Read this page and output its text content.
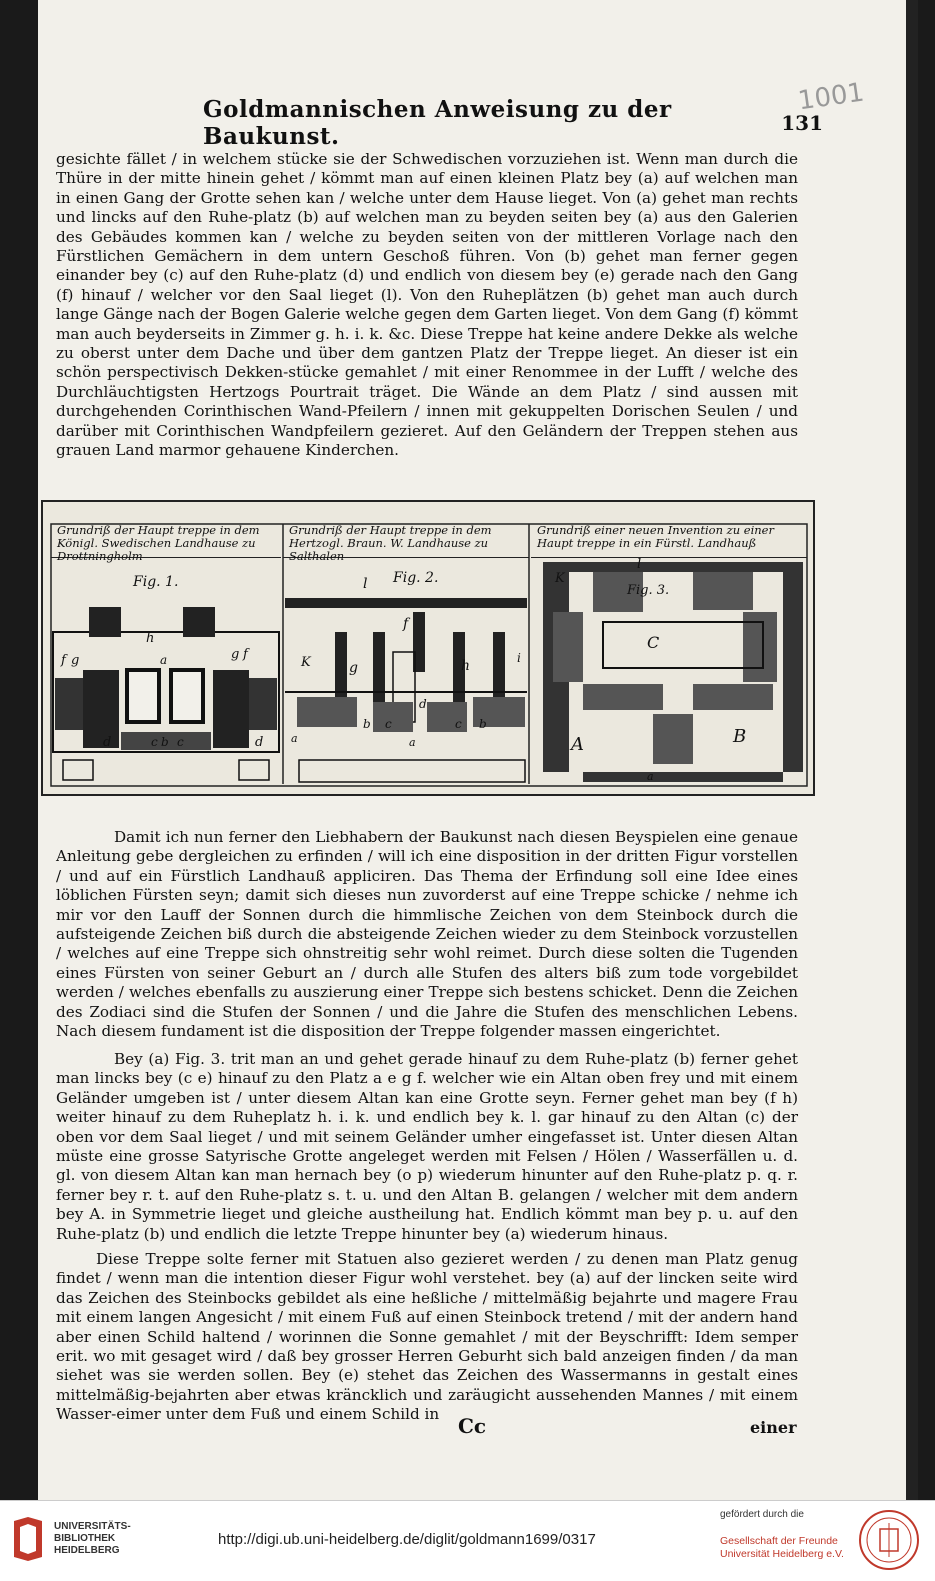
1001
Goldmannischen Anweisung zu der Baukunst.	131

gesichte fället / in welchem stücke sie der Schwedischen vorzuziehen ist. Wenn man durch die Thüre in der mitte hinein gehet / kömmt man auf einen kleinen Platz bey (a) auf welchen man in einen Gang der Grotte sehen kan / welche unter dem Hause lieget. Von (a) gehet man rechts und lincks auf den Ruhe-platz (b) auf welchen man zu beyden seiten bey (a) aus den Galerien des Gebäudes kommen kan / welche zu beyden seiten von der mittleren Vorlage nach den Fürstlichen Gemächern in dem untern Geschoß führen. Von (b) gehet man ferner gegen einander bey (c) auf den Ruhe-platz (d) und endlich von diesem bey (e) gerade nach den Gang (f) hinauf / welcher vor den Saal lieget (l). Von den Ruheplätzen (b) gehet man auch durch lange Gänge nach der Bogen Galerie welche gegen dem Garten lieget. Von dem Gang (f) kömmt man auch beyderseits in Zimmer g. h. i. k. &c. Diese Treppe hat keine andere Dekke als welche zu oberst unter dem Dache und über dem gantzen Platz der Treppe lieget. An dieser ist ein schön perspectivisch Dekken-stücke gemahlet / mit einer Renommee in der Lufft / welche des Durchläuchtigsten Hertzogs Pourtrait träget. Die Wände an dem Platz / sind aussen mit durchgehenden Corinthischen Wand-Pfeilern / innen mit gekuppelten Dorischen Seulen / und darüber mit Corinthischen Wandpfeilern gezieret. Auf den Geländern der Treppen stehen aus grauen Land marmor gehauene Kinderchen.

Grundriß der Haupt treppe in dem Königl. Swedischen Landhause zu Drottningholm
Grundriß der Haupt treppe in dem Hertzogl. Braun. W. Landhause zu Salthalen
Grundriß einer neuen Invention zu einer Haupt treppe in ein Fürstl. Landhauß
Fig. 1.
f g
h
g f
a
d	c b c	d
Fig. 2.
l
f
K	g	h	i
b c
d
c b
a	a
Fig. 3.
K
l
C
A	B
a

Damit ich nun ferner den Liebhabern der Baukunst nach diesen Beyspielen eine genaue Anleitung gebe dergleichen zu erfinden / will ich eine disposition in der dritten Figur vorstellen / und auf ein Fürstlich Landhauß appliciren. Das Thema der Erfindung soll eine Idee eines löblichen Fürsten seyn; damit sich dieses nun zuvorderst auf eine Treppe schicke / nehme ich mir vor den Lauff der Sonnen durch die himmlische Zeichen von dem Steinbock durch die aufsteigende Zeichen biß durch die absteigende Zeichen wieder zu dem Steinbock vorzustellen / welches auf eine Treppe sich ohnstreitig sehr wohl reimet. Durch diese solten die Tugenden eines Fürsten von seiner Geburt an / durch alle Stufen des alters biß zum tode vorgebildet werden / welches ebenfalls zu auszierung einer Treppe sich bestens schicket. Denn die Zeichen des Zodiaci sind die Stufen der Sonnen / und die Jahre die Stufen des menschlichen Lebens. Nach diesem fundament ist die disposition der Treppe folgender massen eingerichtet.

Bey (a) Fig. 3. trit man an und gehet gerade hinauf zu dem Ruhe-platz (b) ferner gehet man lincks bey (c e) hinauf zu den Platz a e g f. welcher wie ein Altan oben frey und mit einem Geländer umgeben ist / unter diesem Altan kan eine Grotte seyn. Ferner gehet man bey (f h) weiter hinauf zu dem Ruheplatz h. i. k. und endlich bey k. l. gar hinauf zu den Altan (c) der oben vor dem Saal lieget / und mit seinem Geländer umher eingefasset ist. Unter diesen Altan müste eine grosse Satyrische Grotte angeleget werden mit Felsen / Hölen / Wasserfällen u. d. gl. von diesem Altan kan man hernach bey (o p) wiederum hinunter auf den Ruhe-platz p. q. r. ferner bey r. t. auf den Ruhe-platz s. t. u. und den Altan B. gelangen / welcher mit dem andern bey A. in Symmetrie lieget und gleiche austheilung hat. Endlich kömmt man bey p. u. auf den Ruhe-platz (b) und endlich die letzte Treppe hinunter bey (a) wiederum hinaus.

Diese Treppe solte ferner mit Statuen also gezieret werden / zu denen man Platz genug findet / wenn man die intention dieser Figur wohl verstehet. bey (a) auf der lincken seite wird das Zeichen des Steinbocks gebildet als eine heßliche / mittelmäßig bejahrte und magere Frau mit einem langen Angesicht / mit einem Fuß auf einen Steinbock tretend / mit der andern hand aber einen Schild haltend / worinnen die Sonne gemahlet / mit der Beyschrifft: Idem semper erit. wo mit gesaget wird / daß bey grosser Herren Geburht sich bald anzeigen finden / da man siehet was sie werden sollen. Bey (e) stehet das Zeichen des Wassermanns in gestalt eines mittelmäßig-bejahrten aber etwas kräncklich und zaräugicht aussehenden Mannes / mit einem Wasser-eimer unter dem Fuß und einem Schild in Cc	einer
UNIVERSITÄTS-
BIBLIOTHEK
HEIDELBERG
http://digi.ub.uni-heidelberg.de/diglit/goldmann1699/0317
gefördert durch die
Gesellschaft der Freunde
Universität Heidelberg e.V.
